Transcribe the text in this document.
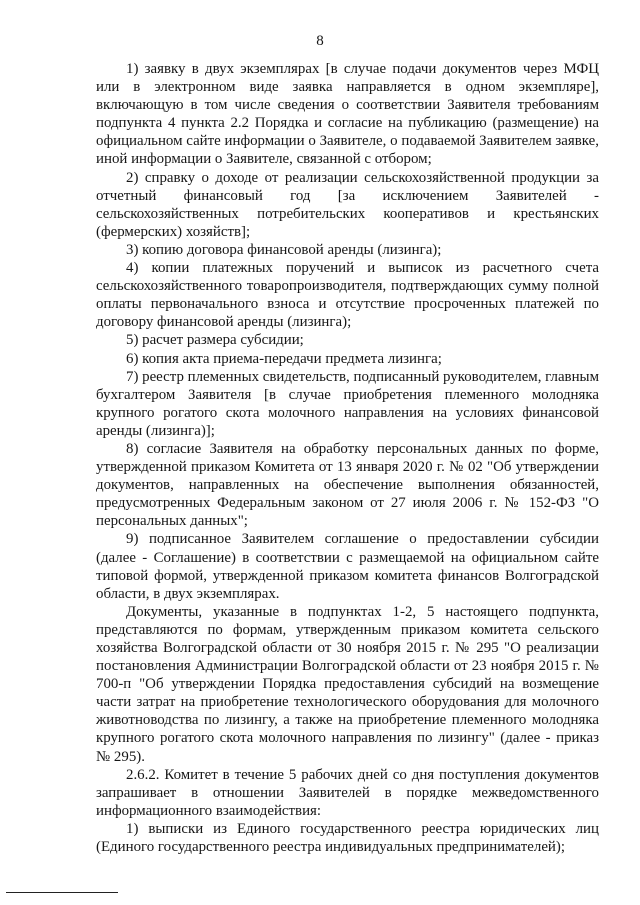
8

1) заявку в двух экземплярах [в случае подачи документов через МФЦ или в электронном виде заявка направляется в одном экземпляре], включающую в том числе сведения о соответствии Заявителя требованиям подпункта 4 пункта 2.2 Порядка и согласие на публикацию (размещение) на официальном сайте информации о Заявителе, о подаваемой Заявителем заявке, иной информации о Заявителе, связанной с отбором;

2) справку о доходе от реализации сельскохозяйственной продукции за отчетный финансовый год [за исключением Заявителей - сельскохозяйственных потребительских кооперативов и крестьянских (фермерских) хозяйств];

3) копию договора финансовой аренды (лизинга);

4) копии платежных поручений и выписок из расчетного счета сельскохозяйственного товаропроизводителя, подтверждающих сумму полной оплаты первоначального взноса и отсутствие просроченных платежей по договору финансовой аренды (лизинга);

5) расчет размера субсидии;

6) копия акта приема-передачи предмета лизинга;

7) реестр племенных свидетельств, подписанный руководителем, главным бухгалтером Заявителя [в случае приобретения племенного молодняка крупного рогатого скота молочного направления на условиях финансовой аренды (лизинга)];

8) согласие Заявителя на обработку персональных данных по форме, утвержденной приказом Комитета от 13 января 2020 г. № 02 "Об утверждении документов, направленных на обеспечение выполнения обязанностей, предусмотренных Федеральным законом от 27 июля 2006 г. № 152-ФЗ "О персональных данных";

9) подписанное Заявителем соглашение о предоставлении субсидии (далее - Соглашение) в соответствии с размещаемой на официальном сайте типовой формой, утвержденной приказом комитета финансов Волгоградской области, в двух экземплярах.

Документы, указанные в подпунктах 1-2, 5 настоящего подпункта, представляются по формам, утвержденным приказом комитета сельского хозяйства Волгоградской области от 30 ноября 2015 г. № 295 "О реализации постановления Администрации Волгоградской области от 23 ноября 2015 г. № 700-п "Об утверждении Порядка предоставления субсидий на возмещение части затрат на приобретение технологического оборудования для молочного животноводства по лизингу, а также на приобретение племенного молодняка крупного рогатого скота молочного направления по лизингу" (далее - приказ № 295).

2.6.2. Комитет в течение 5 рабочих дней со дня поступления документов запрашивает в отношении Заявителей в порядке межведомственного информационного взаимодействия:

1) выписки из Единого государственного реестра юридических лиц (Единого государственного реестра индивидуальных предпринимателей);
